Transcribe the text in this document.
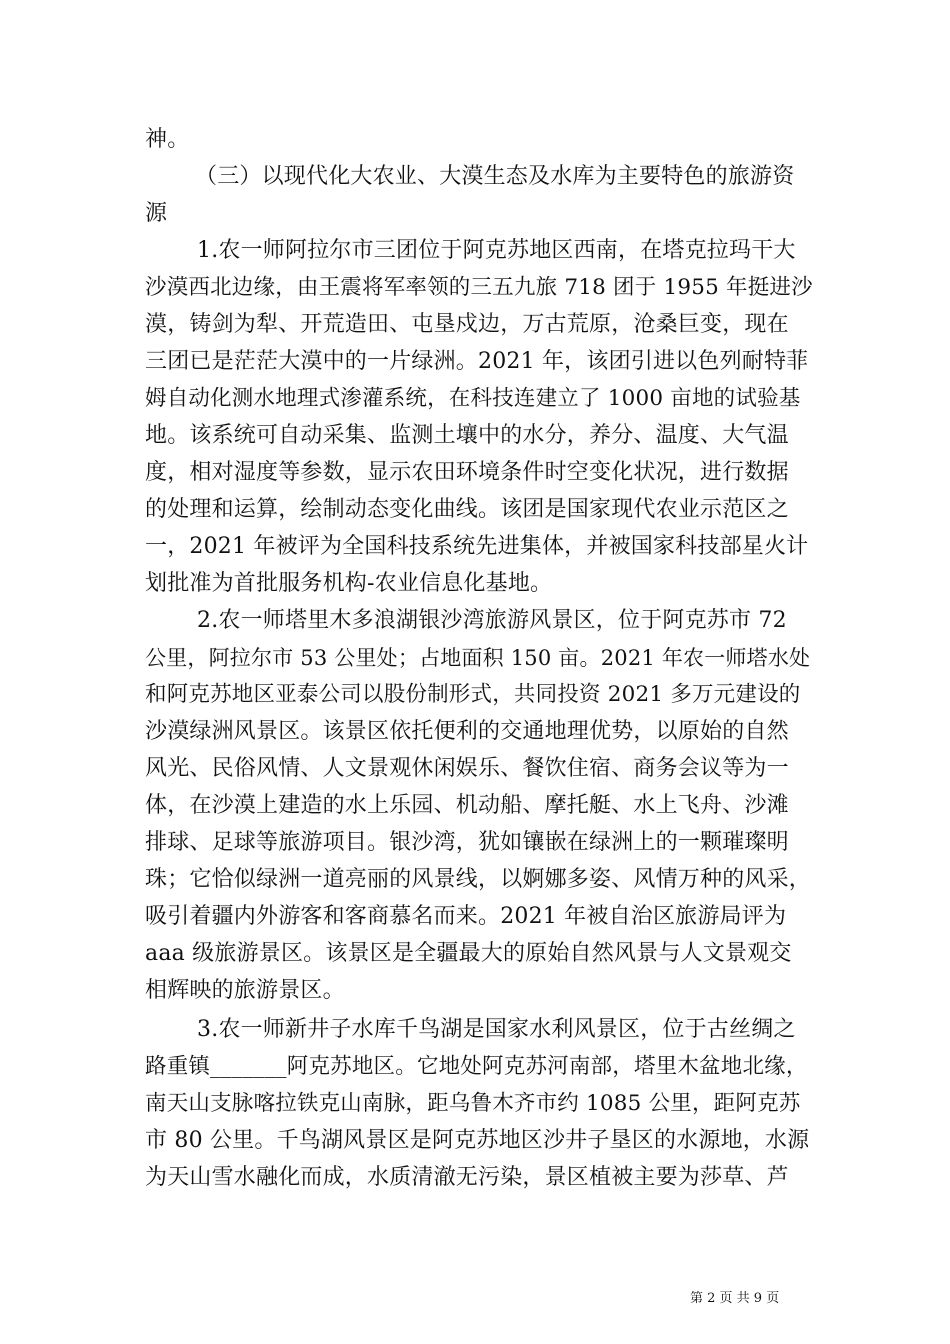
神。
（三）以现代化大农业、大漠生态及水库为主要特色的旅游资
源
1.农一师阿拉尔市三团位于阿克苏地区西南，在塔克拉玛干大
沙漠西北边缘，由王震将军率领的三五九旅 718 团于 1955 年挺进沙
漠，铸剑为犁、开荒造田、屯垦戍边，万古荒原，沧桑巨变，现在
三团已是茫茫大漠中的一片绿洲。2021 年，该团引进以色列耐特菲
姆自动化测水地理式渗灌系统，在科技连建立了 1000 亩地的试验基
地。该系统可自动采集、监测土壤中的水分，养分、温度、大气温
度，相对湿度等参数，显示农田环境条件时空变化状况，进行数据
的处理和运算，绘制动态变化曲线。该团是国家现代农业示范区之
一，2021 年被评为全国科技系统先进集体，并被国家科技部星火计
划批准为首批服务机构-农业信息化基地。
2.农一师塔里木多浪湖银沙湾旅游风景区，位于阿克苏市 72
公里，阿拉尔市 53 公里处；占地面积 150 亩。2021 年农一师塔水处
和阿克苏地区亚泰公司以股份制形式，共同投资 2021 多万元建设的
沙漠绿洲风景区。该景区依托便利的交通地理优势，以原始的自然
风光、民俗风情、人文景观休闲娱乐、餐饮住宿、商务会议等为一
体，在沙漠上建造的水上乐园、机动船、摩托艇、水上飞舟、沙滩
排球、足球等旅游项目。银沙湾，犹如镶嵌在绿洲上的一颗璀璨明
珠；它恰似绿洲一道亮丽的风景线，以婀娜多姿、风情万种的风采，
吸引着疆内外游客和客商慕名而来。2021 年被自治区旅游局评为
aaa 级旅游景区。该景区是全疆最大的原始自然风景与人文景观交
相辉映的旅游景区。
3.农一师新井子水库千鸟湖是国家水利风景区，位于古丝绸之
路重镇_______阿克苏地区。它地处阿克苏河南部，塔里木盆地北缘，
南天山支脉喀拉铁克山南脉，距乌鲁木齐市约 1085 公里，距阿克苏
市 80 公里。千鸟湖风景区是阿克苏地区沙井子垦区的水源地，水源
为天山雪水融化而成，水质清澈无污染，景区植被主要为莎草、芦
第 2 页 共 9 页
